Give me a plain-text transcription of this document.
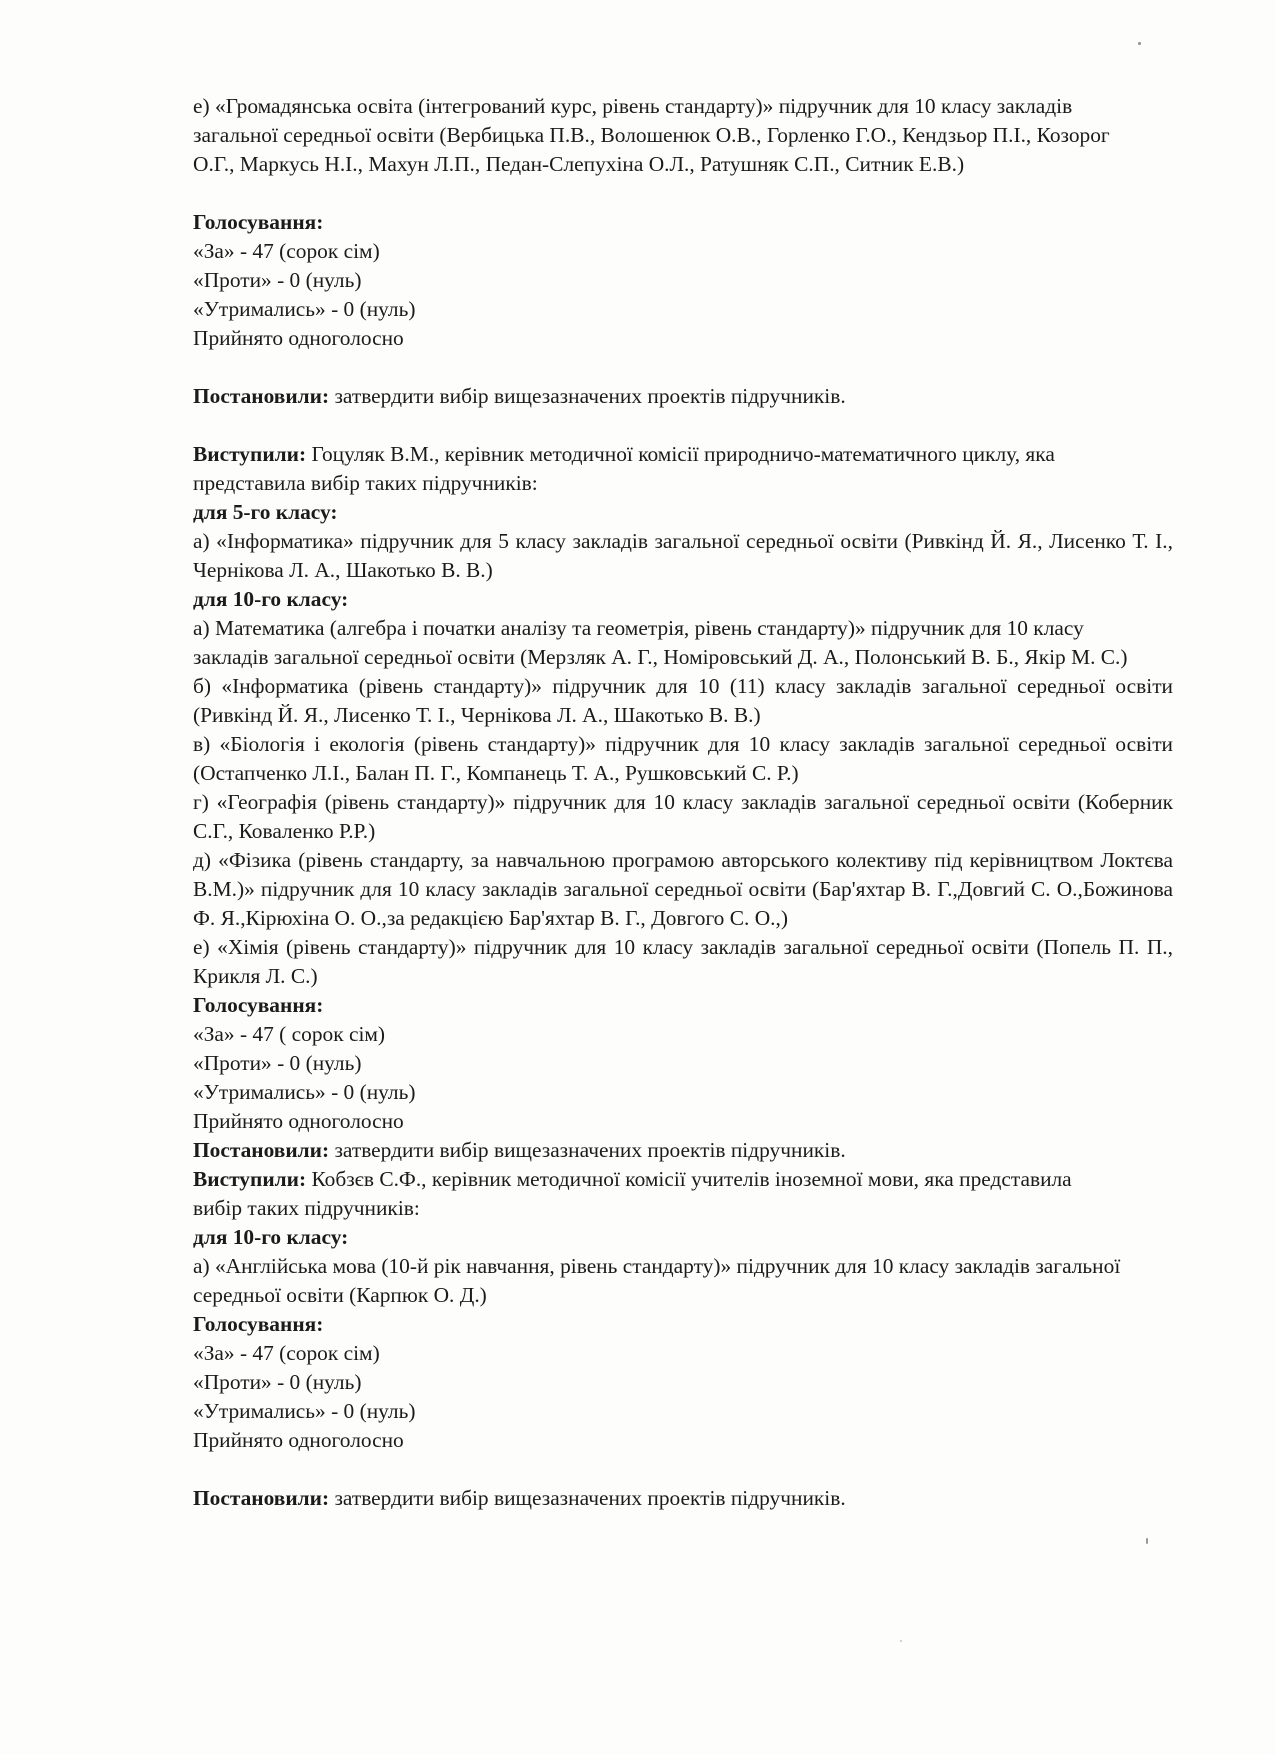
е) «Громадянська освіта (інтегрований курс, рівень стандарту)» підручник для 10 класу закладів загальної середньої освіти (Вербицька П.В., Волошенюк О.В., Горленко Г.О., Кендзьор П.І., Козорог О.Г., Маркусь Н.І., Махун Л.П., Педан-Слепухіна О.Л., Ратушняк С.П., Ситник Е.В.)

Голосування:

«За» - 47 (сорок сім)

«Проти» - 0 (нуль)

«Утримались» - 0 (нуль)

Прийнято одноголосно

Постановили: затвердити вибір вищезазначених проектів підручників.

Виступили: Гоцуляк В.М., керівник методичної комісії природничо-математичного циклу, яка представила вибір таких підручників:

для 5-го класу:

а) «Інформатика» підручник для 5 класу закладів загальної середньої освіти (Ривкінд Й. Я., Лисенко Т. І., Чернікова Л. А., Шакотько В. В.)

для 10-го класу:

а) Математика (алгебра і початки аналізу та геометрія, рівень стандарту)» підручник для 10 класу закладів загальної середньої освіти (Мерзляк А. Г., Номіровський Д. А., Полонський В. Б., Якір М. С.)

б) «Інформатика (рівень стандарту)» підручник для 10 (11) класу закладів загальної середньої освіти (Ривкінд Й. Я., Лисенко Т. І., Чернікова Л. А., Шакотько В. В.)

в) «Біологія і екологія (рівень стандарту)» підручник для 10 класу закладів загальної середньої освіти (Остапченко Л.І., Балан П. Г., Компанець Т. А., Рушковський С. Р.)

г) «Географія (рівень стандарту)» підручник для 10 класу закладів загальної середньої освіти (Коберник С.Г., Коваленко Р.Р.)

д) «Фізика (рівень стандарту, за навчальною програмою авторського колективу під керівництвом Локтєва В.М.)» підручник для 10 класу закладів загальної середньої освіти (Бар'яхтар В. Г.,Довгий С. О.,Божинова Ф. Я.,Кірюхіна О. О.,за редакцією Бар'яхтар В. Г., Довгого С. О.,)

е) «Хімія (рівень стандарту)» підручник для 10 класу закладів загальної середньої освіти (Попель П. П., Крикля Л. С.)

Голосування:

«За» - 47 ( сорок сім)

«Проти» - 0 (нуль)

«Утримались» - 0 (нуль)

Прийнято одноголосно

Постановили: затвердити вибір вищезазначених проектів підручників.

Виступили: Кобзєв С.Ф., керівник методичної комісії учителів іноземної мови, яка представила вибір таких підручників:

для 10-го класу:

а) «Англійська мова (10-й рік навчання, рівень стандарту)» підручник для 10 класу закладів загальної середньої освіти (Карпюк О. Д.)

Голосування:

«За» - 47 (сорок сім)

«Проти» - 0 (нуль)

«Утримались» - 0 (нуль)

Прийнято одноголосно

Постановили: затвердити вибір вищезазначених проектів підручників.
